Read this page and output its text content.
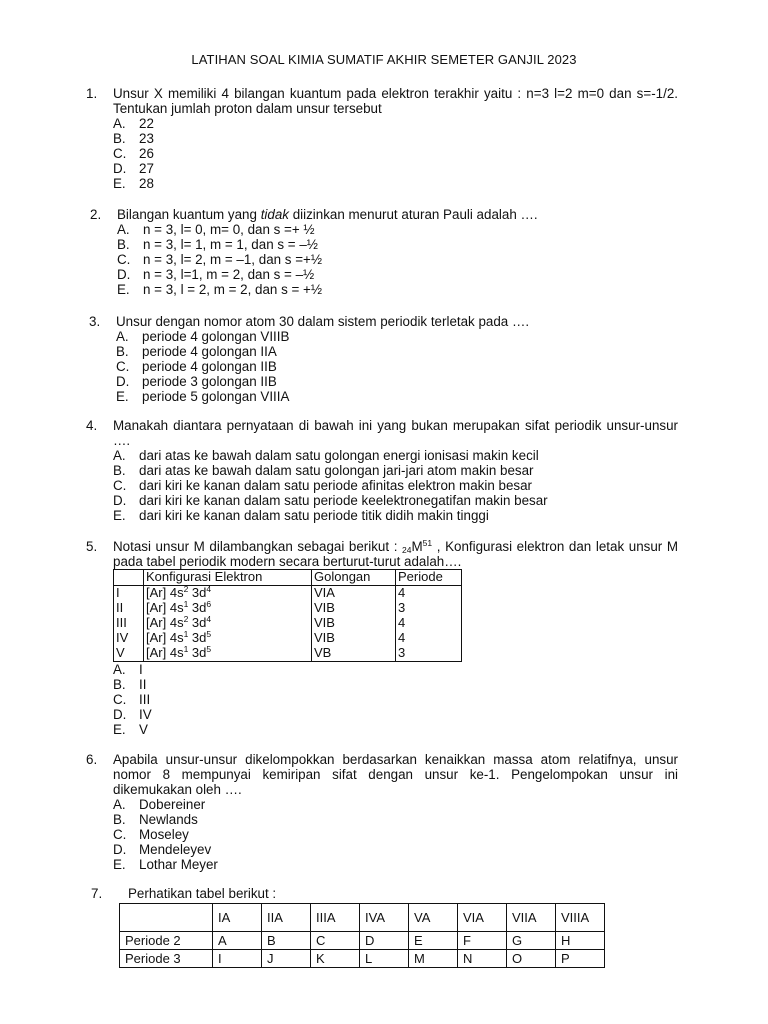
LATIHAN SOAL KIMIA SUMATIF AKHIR SEMETER GANJIL 2023
1.	Unsur X memiliki 4 bilangan kuantum pada elektron terakhir yaitu : n=3 l=2 m=0 dan s=-1/2. Tentukan jumlah proton dalam unsur tersebut
A. 22
B. 23
C. 26
D. 27
E. 28
2.	Bilangan kuantum yang tidak diizinkan menurut aturan Pauli adalah ….
A. n = 3, l= 0, m= 0, dan s =+ ½
B. n = 3, l= 1, m = 1, dan s = –½
C. n = 3, l= 2, m = –1, dan s =+½
D. n = 3, l=1, m = 2, dan s = –½
E. n = 3, l = 2, m = 2, dan s = +½
3.	Unsur dengan nomor atom 30 dalam sistem periodik terletak pada ….
A. periode 4 golongan VIIIB
B. periode 4 golongan IIA
C. periode 4 golongan IIB
D. periode 3 golongan IIB
E. periode 5 golongan VIIIA
4.	Manakah diantara pernyataan di bawah ini yang bukan merupakan sifat periodik unsur-unsur ….
A. dari atas ke bawah dalam satu golongan energi ionisasi makin kecil
B. dari atas ke bawah dalam satu golongan jari-jari atom makin besar
C. dari kiri ke kanan dalam satu periode afinitas elektron makin besar
D. dari kiri ke kanan dalam satu periode keelektronegatifan makin besar
E. dari kiri ke kanan dalam satu periode titik didih makin tinggi
5.	Notasi unsur M dilambangkan sebagai berikut : $_{24}M^{51}$ , Konfigurasi elektron dan letak unsur M pada tabel periodik modern secara berturut-turut adalah….
	Konfigurasi Elektron	Golongan	Periode
I	[Ar] $4s^2$ $3d^4$	VIA	4
II	[Ar] $4s^1$ $3d^6$	VIB	3
III	[Ar] $4s^2$ $3d^4$	VIB	4
IV	[Ar] $4s^1$ $3d^5$	VIB	4
V	[Ar] $4s^1$ $3d^5$	VB	3
A. I
B. II
C. III
D. IV
E. V
6.	Apabila unsur-unsur dikelompokkan berdasarkan kenaikkan massa atom relatifnya, unsur nomor 8 mempunyai kemiripan sifat dengan unsur ke-1. Pengelompokan unsur ini dikemukakan oleh ….
A. Dobereiner
B. Newlands
C. Moseley
D. Mendeleyev
E. Lothar Meyer
7.	Perhatikan tabel berikut :
	IA	IIA	IIIA	IVA	VA	VIA	VIIA	VIIIA
Periode 2	A	B	C	D	E	F	G	H
Periode 3	I	J	K	L	M	N	O	P
